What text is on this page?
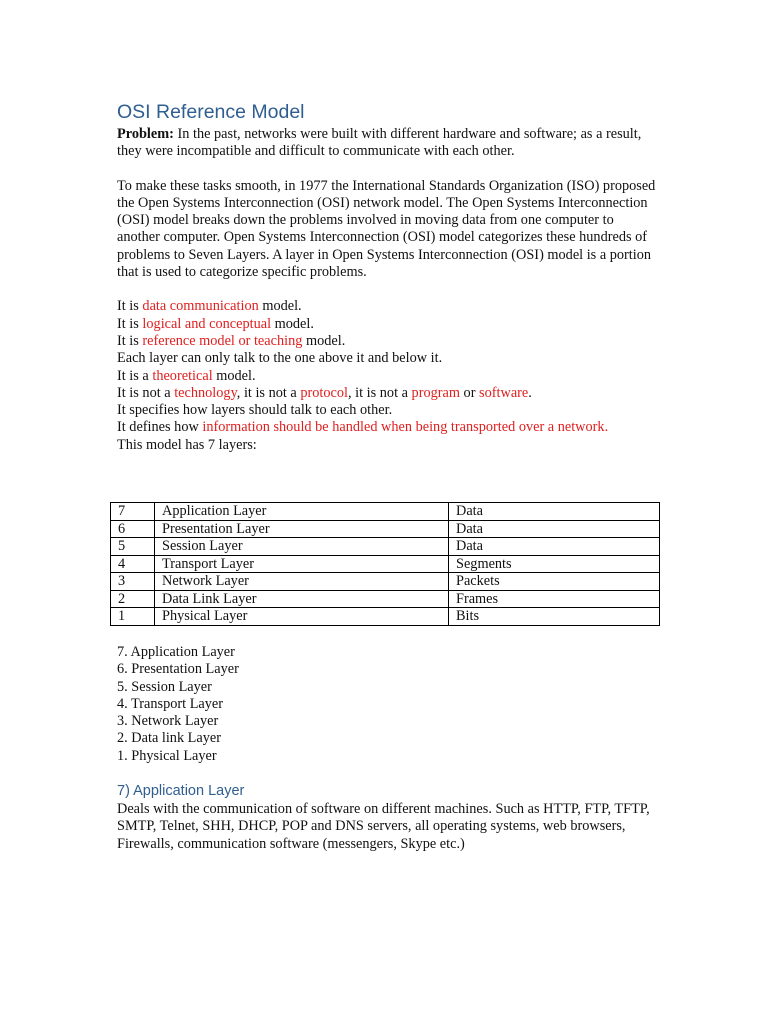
OSI Reference Model

Problem: In the past, networks were built with different hardware and software; as a result, they were incompatible and difficult to communicate with each other.

To make these tasks smooth, in 1977 the International Standards Organization (ISO) proposed the Open Systems Interconnection (OSI) network model. The Open Systems Interconnection (OSI) model breaks down the problems involved in moving data from one computer to another computer. Open Systems Interconnection (OSI) model categorizes these hundreds of problems to Seven Layers. A layer in Open Systems Interconnection (OSI) model is a portion that is used to categorize specific problems.

It is data communication model.

It is logical and conceptual model.

It is reference model or teaching model.

Each layer can only talk to the one above it and below it.

It is a theoretical model.

It is not a technology, it is not a protocol, it is not a program or software.

It specifies how layers should talk to each other.

It defines how information should be handled when being transported over a network.

This model has 7 layers:

7	Application Layer	Data
6	Presentation Layer	Data
5	Session Layer	Data
4	Transport Layer	Segments
3	Network Layer	Packets
2	Data Link Layer	Frames
1	Physical Layer	Bits

7. Application Layer

6. Presentation Layer

5. Session Layer

4. Transport Layer

3. Network Layer

2. Data link Layer

1. Physical Layer

7) Application Layer

Deals with the communication of software on different machines. Such as HTTP, FTP, TFTP, SMTP, Telnet, SHH, DHCP, POP and DNS servers, all operating systems, web browsers, Firewalls, communication software (messengers, Skype etc.)
